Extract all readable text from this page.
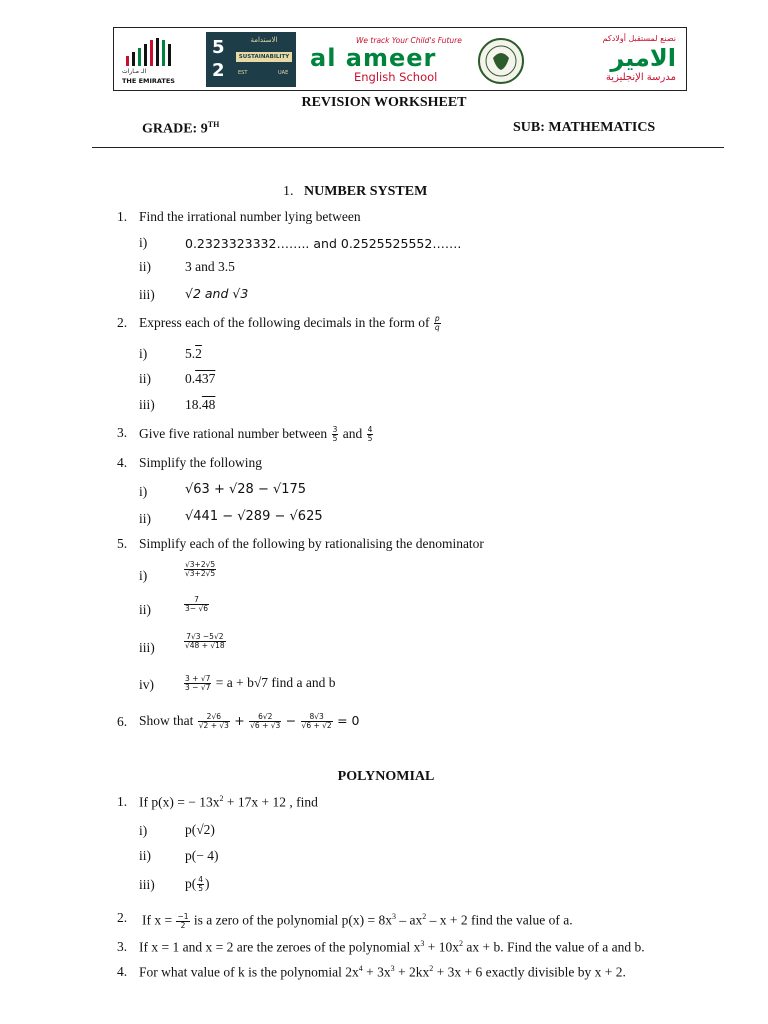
الـ مـارات
THE EMIRATES
52
الاستدامة
SUSTAINABILITY
EST	UAE
We track Your Child's Future
al ameer
English School
نصنع لمستقبل أولادكم
الامير
مدرسة الإنجليزية
REVISION WORKSHEET
GRADE: 9TH	SUB: MATHEMATICS
1. NUMBER SYSTEM
1. Find the irrational number lying between
i)	0.2323323332…….. and 0.2525525552…….
ii)	3 and 3.5
iii) √2 and √3
2. Express each of the following decimals in the form of $\frac{p}{q}$
i)	5.2
ii)	0.437
iii) 18.48
3. Give five rational number between $\frac{3}{5}$ and $\frac{4}{5}$
4. Simplify the following
i)	√63 + √28 − √175
ii)	√441 − √289 − √625
5. Simplify each of the following by rationalising the denominator
i)	$\frac{√3+2√5}{√3+2√5}$
ii)	$\frac{7}{3- √6}$
iii)	$\frac{7√3 -5√2}{√48 + √18}$
iv)	$\frac{3 + √7}{3 - √7} = a + b√7$ find a and b
6. Show that $\frac{2√6}{√2 + √3} + \frac{6√2}{√6 + √3} - \frac{8√3}{√6 + √2} = 0$
POLYNOMIAL
1. If p(x) = − $13x^2 + 17x + 12$ , find
i)	p(√2)
ii)	p(− 4)
iii) $p( \frac{4}{5}$ )
2. If $x = \frac{-1}{2}$ is a zero of the polynomial $p(x) = 8x^3 - ax^2 - x + 2$ find the value of a.
3. If x = 1 and x = 2 are the zeroes of the polynomial $x^3 + 10x^2$ ax + b. Find the value of a and b.
4. For what value of k is the polynomial $2x^4 + 3x^3 + 2kx^2 + 3x + 6$ exactly divisible by x + 2.
